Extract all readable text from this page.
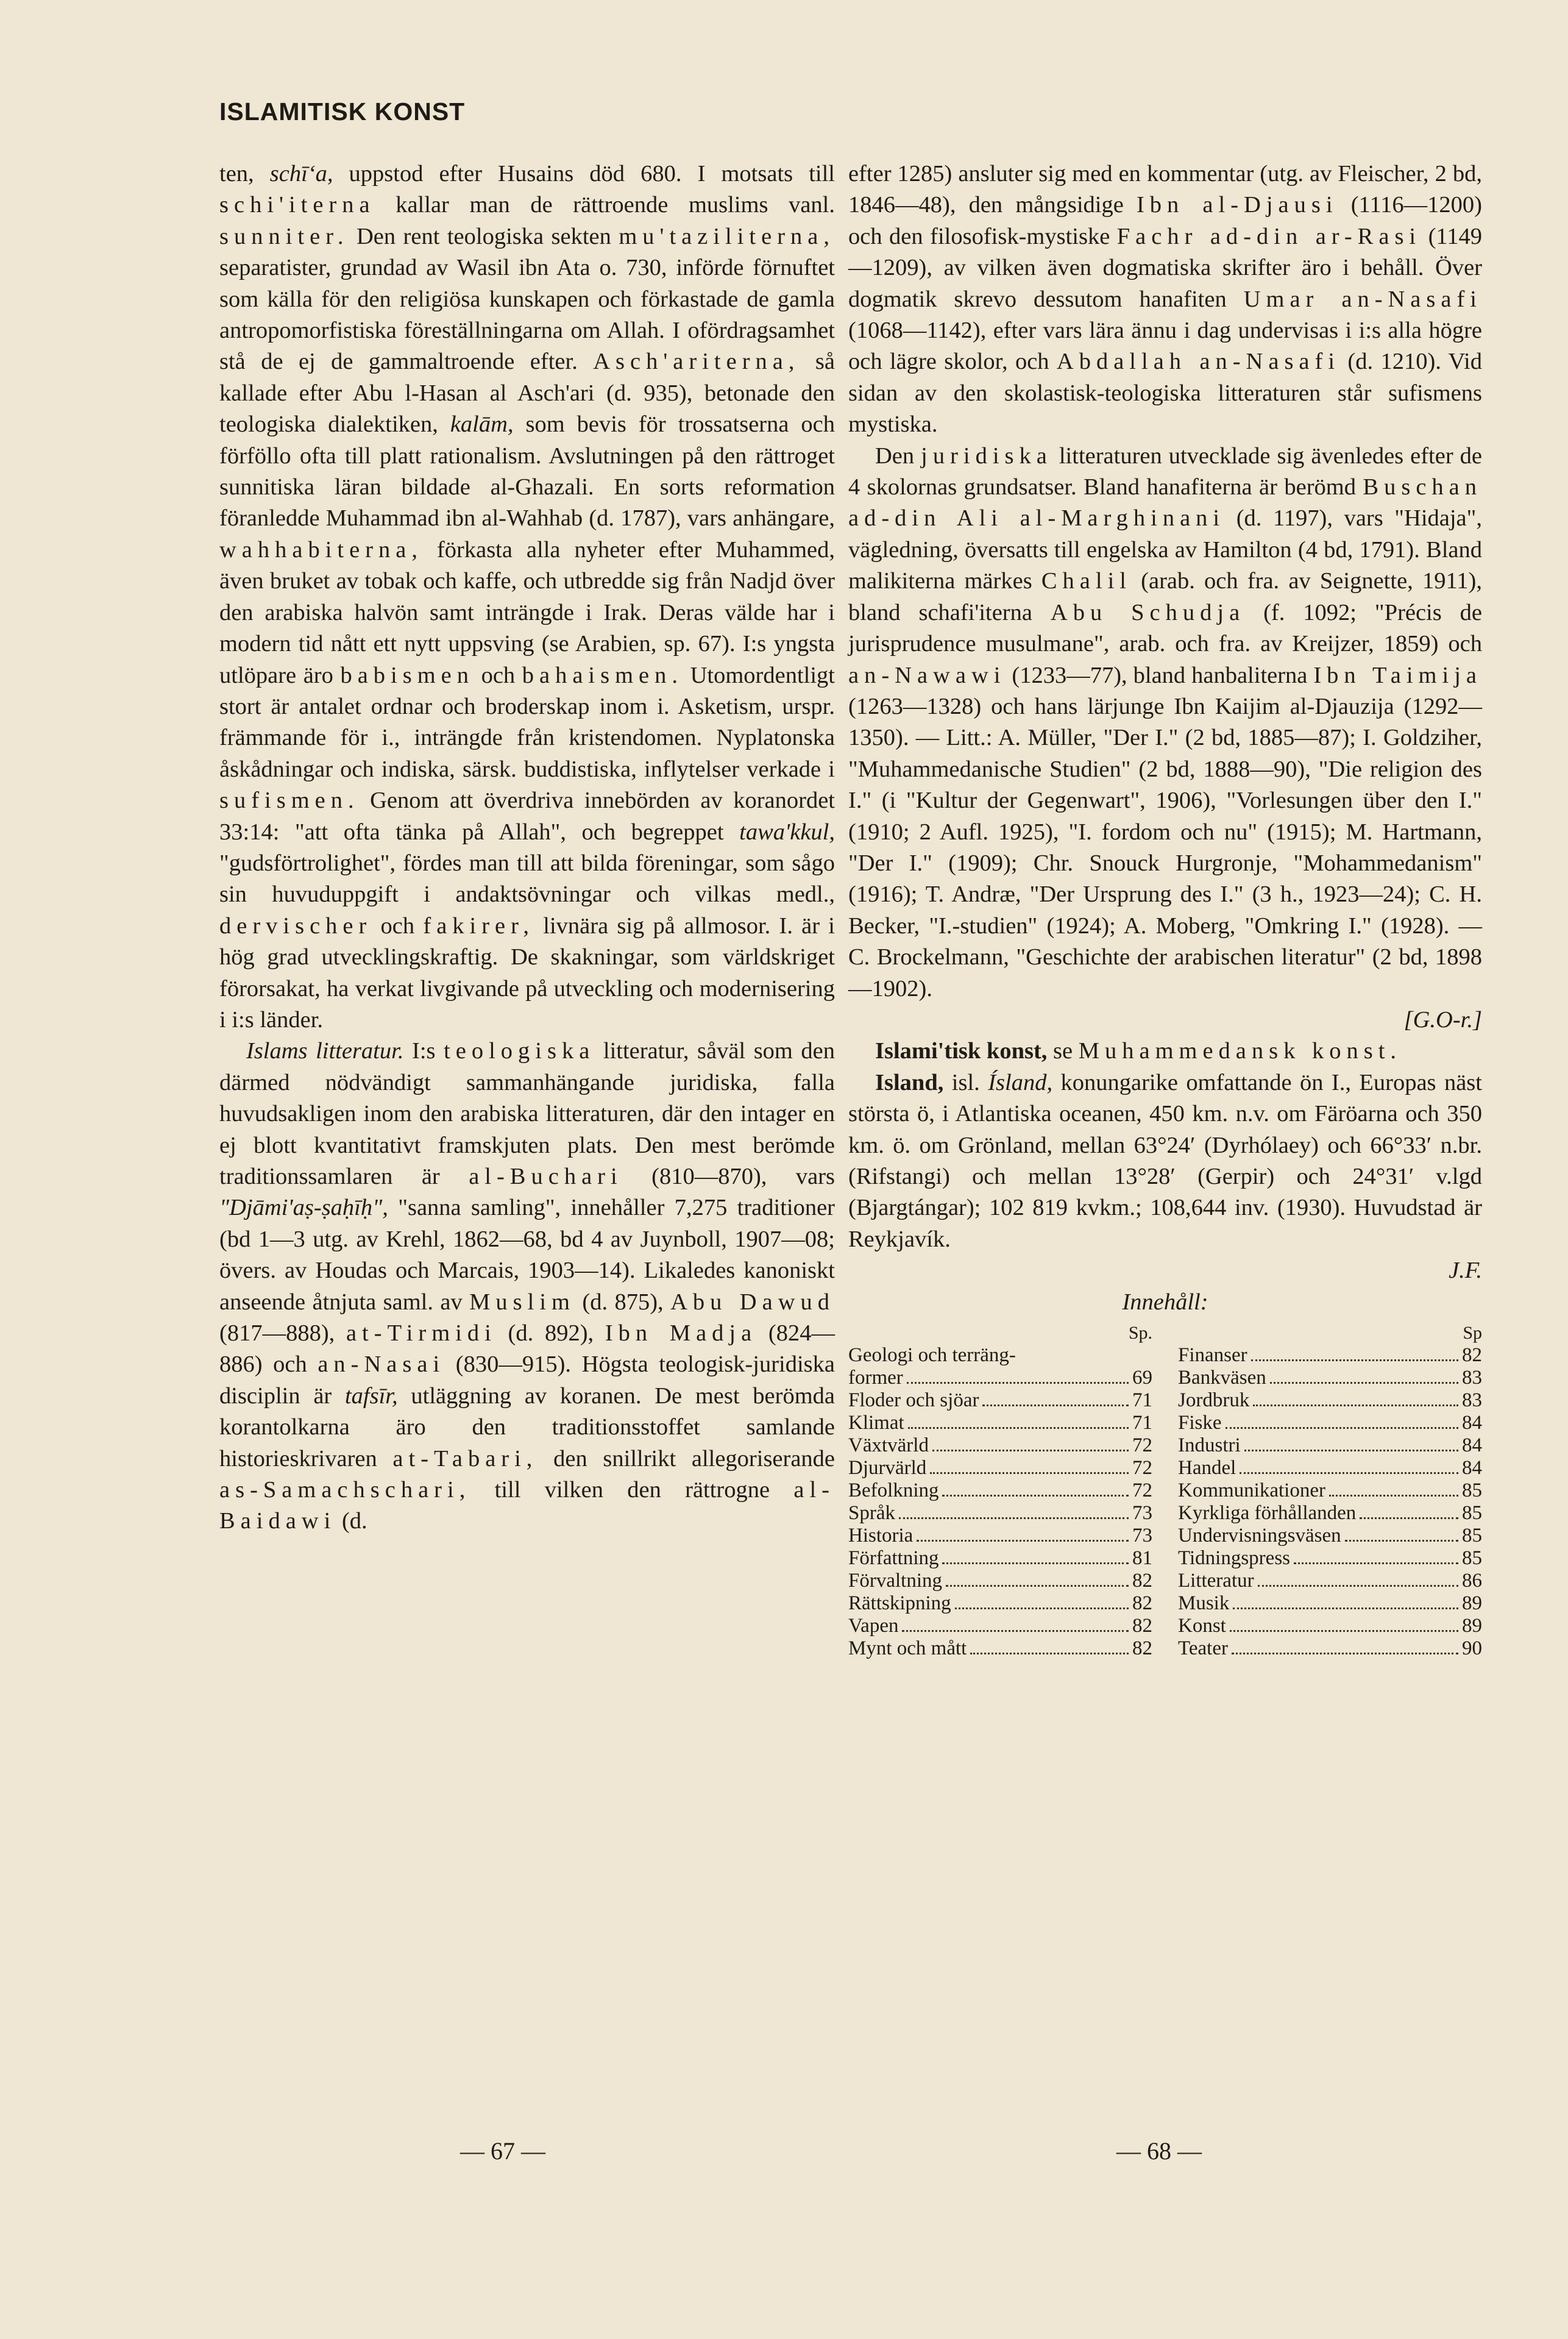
ISLAMITISK KONST

ten, schī‘a, uppstod efter Husains död 680. I motsats till schi'iterna kallar man de rättroende muslims vanl. sunniter. Den rent teologiska sekten mu'taziliterna, separatister, grundad av Wasil ibn Ata o. 730, införde förnuftet som källa för den religiösa kunskapen och förkastade de gamla antropomorfistiska föreställningarna om Allah. I ofördragsamhet stå de ej de gammaltroende efter. Asch'ariterna, så kallade efter Abu l-Hasan al Asch'ari (d. 935), betonade den teologiska dialektiken, kalām, som bevis för trossatserna och förföllo ofta till platt rationalism. Avslutningen på den rättroget sunnitiska läran bildade al-Ghazali. En sorts reformation föranledde Muhammad ibn al-Wahhab (d. 1787), vars anhängare, wahhabiterna, förkasta alla nyheter efter Muhammed, även bruket av tobak och kaffe, och utbredde sig från Nadjd över den arabiska halvön samt inträngde i Irak. Deras välde har i modern tid nått ett nytt uppsving (se Arabien, sp. 67). I:s yngsta utlöpare äro babismen och bahaismen. Utomordentligt stort är antalet ordnar och broderskap inom i. Asketism, urspr. främmande för i., inträngde från kristendomen. Nyplatonska åskådningar och indiska, särsk. buddistiska, inflytelser verkade i sufismen. Genom att överdriva innebörden av koranordet 33:14: "att ofta tänka på Allah", och begreppet tawa'kkul, "gudsförtrolighet", fördes man till att bilda föreningar, som sågo sin huvuduppgift i andaktsövningar och vilkas medl., dervischer och fakirer, livnära sig på allmosor. I. är i hög grad utvecklingskraftig. De skakningar, som världskriget förorsakat, ha verkat livgivande på utveckling och modernisering i i:s länder.

Islams litteratur. I:s teologiska litteratur, såväl som den därmed nödvändigt sammanhängande juridiska, falla huvudsakligen inom den arabiska litteraturen, där den intager en ej blott kvantitativt framskjuten plats. Den mest berömde traditionssamlaren är al-Buchari (810—870), vars "Djāmi'aṣ-ṣaḥīḥ", "sanna samling", innehåller 7,275 traditioner (bd 1—3 utg. av Krehl, 1862—68, bd 4 av Juynboll, 1907—08; övers. av Houdas och Marcais, 1903—14). Likaledes kanoniskt anseende åtnjuta saml. av Muslim (d. 875), Abu Dawud (817—888), at-Tirmidi (d. 892), Ibn Madja (824—886) och an-Nasai (830—915). Högsta teologisk-juridiska disciplin är tafsīr, utläggning av koranen. De mest berömda korantolkarna äro den traditionsstoffet samlande historieskrivaren at-Tabari, den snillrikt allegoriserande as-Samachschari, till vilken den rättrogne al-Baidawi (d.

efter 1285) ansluter sig med en kommentar (utg. av Fleischer, 2 bd, 1846—48), den mångsidige Ibn al-Djausi (1116—1200) och den filosofisk-mystiske Fachr ad-din ar-Rasi (1149—1209), av vilken även dogmatiska skrifter äro i behåll. Över dogmatik skrevo dessutom hanafiten Umar an-Nasafi (1068—1142), efter vars lära ännu i dag undervisas i i:s alla högre och lägre skolor, och Abdallah an-Nasafi (d. 1210). Vid sidan av den skolastisk-teologiska litteraturen står sufismens mystiska.

Den juridiska litteraturen utvecklade sig ävenledes efter de 4 skolornas grundsatser. Bland hanafiterna är berömd Buschan ad-din Ali al-Marghinani (d. 1197), vars "Hidaja", vägledning, översatts till engelska av Hamilton (4 bd, 1791). Bland malikiterna märkes Chalil (arab. och fra. av Seignette, 1911), bland schafi'iterna Abu Schudja (f. 1092; "Précis de jurisprudence musulmane", arab. och fra. av Kreijzer, 1859) och an-Nawawi (1233—77), bland hanbaliterna Ibn Taimija (1263—1328) och hans lärjunge Ibn Kaijim al-Djauzija (1292—1350). — Litt.: A. Müller, "Der I." (2 bd, 1885—87); I. Goldziher, "Muhammedanische Studien" (2 bd, 1888—90), "Die religion des I." (i "Kultur der Gegenwart", 1906), "Vorlesungen über den I." (1910; 2 Aufl. 1925), "I. fordom och nu" (1915); M. Hartmann, "Der I." (1909); Chr. Snouck Hurgronje, "Mohammedanism" (1916); T. Andræ, "Der Ursprung des I." (3 h., 1923—24); C. H. Becker, "I.-studien" (1924); A. Moberg, "Omkring I." (1928). — C. Brockelmann, "Geschichte der arabischen literatur" (2 bd, 1898—1902).

[G.O-r.]

Islami'tisk konst, se Muhammedansk konst.

Island, isl. Ísland, konungarike omfattande ön I., Europas näst största ö, i Atlantiska oceanen, 450 km. n.v. om Färöarna och 350 km. ö. om Grönland, mellan 63°24′ (Dyrhólaey) och 66°33′ n.br. (Rifstangi) och mellan 13°28′ (Gerpir) och 24°31′ v.lgd (Bjargtángar); 102 819 kvkm.; 108,644 inv. (1930). Huvudstad är Reykjavík.

J.F.
Innehåll:
Sp.
Geologi och terräng-
former	69
Floder och sjöar	71
Klimat	71
Växtvärld	72
Djurvärld	72
Befolkning	72
Språk	73
Historia	73
Författning	81
Förvaltning	82
Rättskipning	82
Vapen	82
Mynt och mått	82
Sp
Finanser	82
Bankväsen	83
Jordbruk	83
Fiske	84
Industri	84
Handel	84
Kommunikationer	85
Kyrkliga förhållanden	85
Undervisningsväsen	85
Tidningspress	85
Litteratur	86
Musik	89
Konst	89
Teater	90
— 67 —	— 68 —
